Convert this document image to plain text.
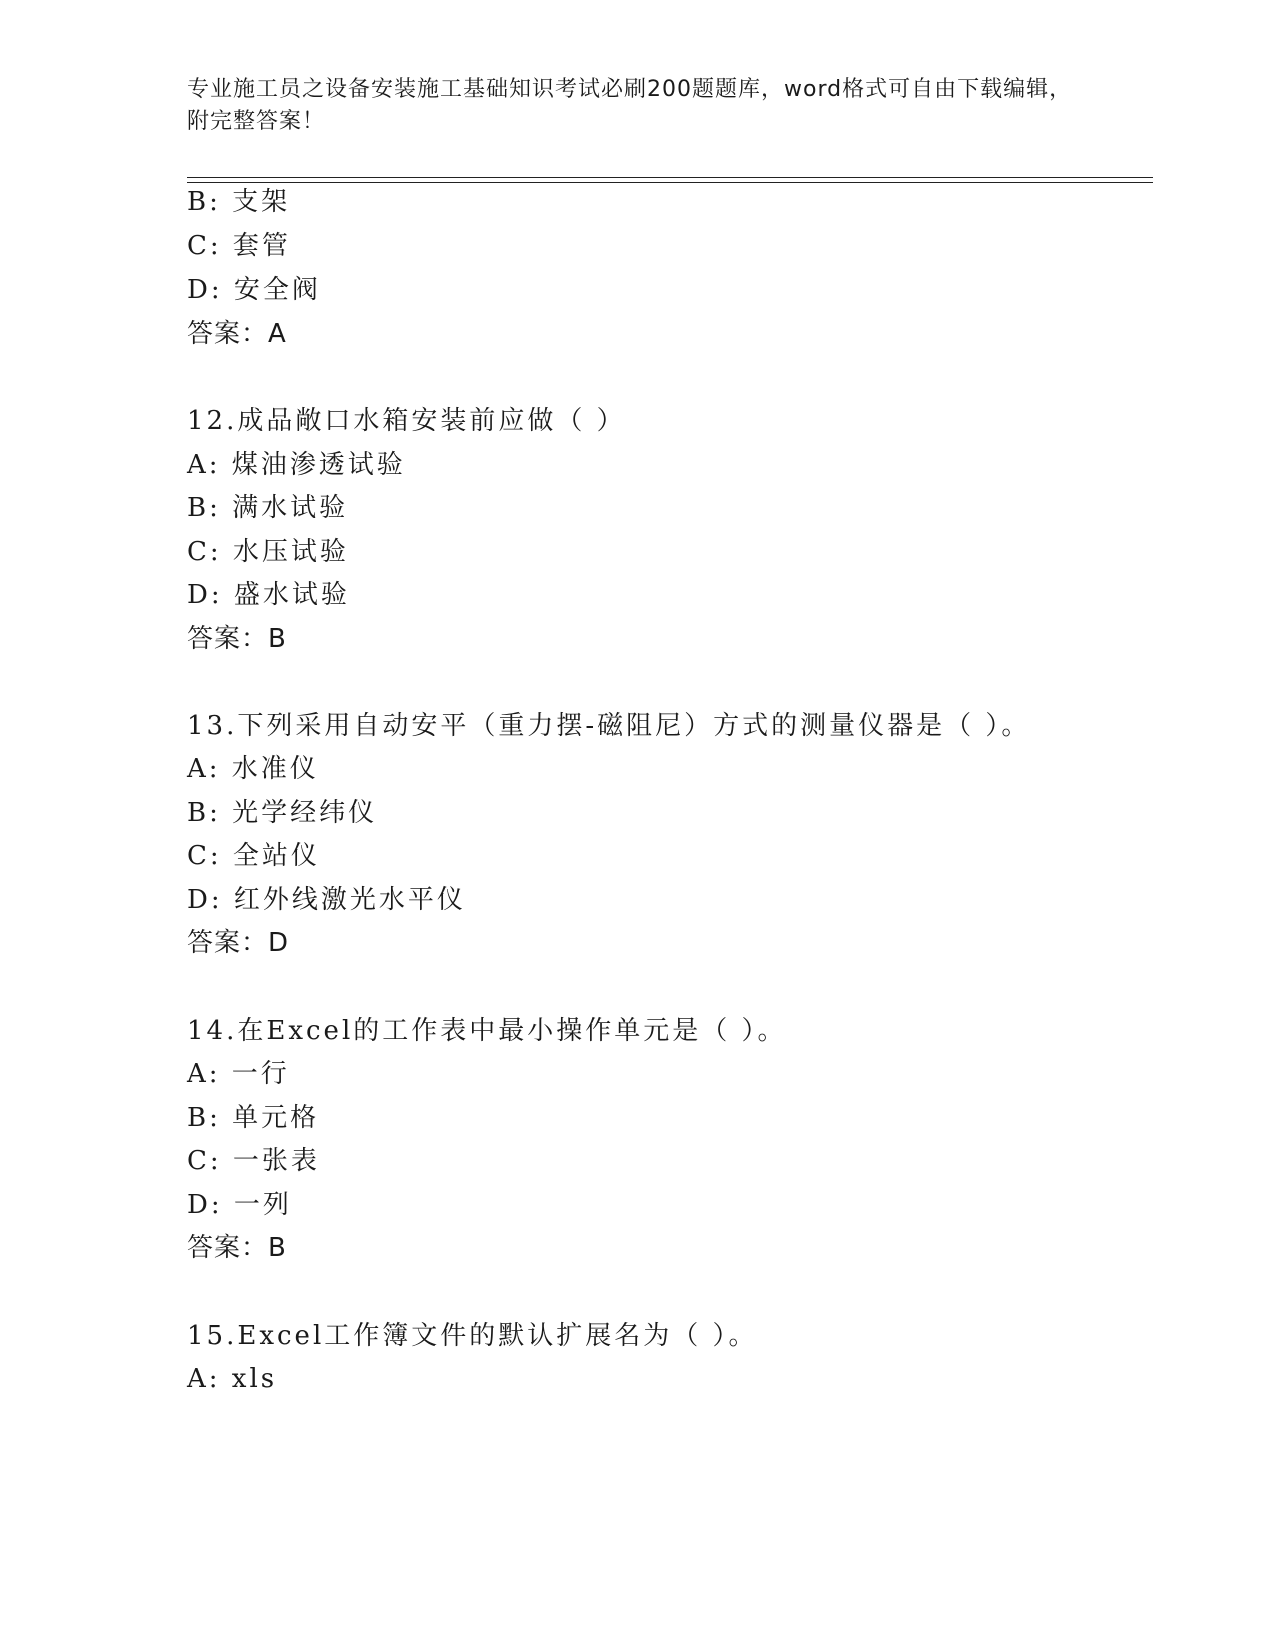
专业施工员之设备安装施工基础知识考试必刷200题题库，word格式可自由下载编辑，附完整答案！
B: 支架
C: 套管
D: 安全阀
答案：A
12.成品敞口水箱安装前应做（ ）
A: 煤油渗透试验
B: 满水试验
C: 水压试验
D: 盛水试验
答案：B
13.下列采用自动安平（重力摆-磁阻尼）方式的测量仪器是（ ）。
A: 水准仪
B: 光学经纬仪
C: 全站仪
D: 红外线激光水平仪
答案：D
14.在Excel的工作表中最小操作单元是（ ）。
A: 一行
B: 单元格
C: 一张表
D: 一列
答案：B
15.Excel工作簿文件的默认扩展名为（ ）。
A: xls
